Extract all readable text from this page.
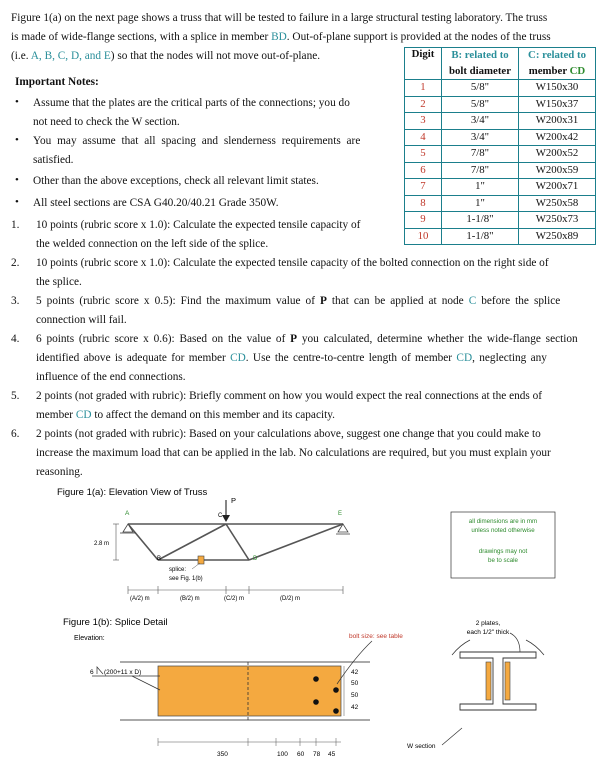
Figure 1(a) on the next page shows a truss that will be tested to failure in a large structural testing laboratory. The truss
is made of wide-flange sections, with a splice in member BD. Out-of-plane support is provided at the nodes of the truss
(i.e. A, B, C, D, and E) so that the nodes will not move out-of-plane.
Important Notes:
• Assume that the plates are the critical parts of the connections; you do
not need to check the W section.
• You may assume that all spacing and slenderness requirements are
satisfied.
• Other than the above exceptions, check all relevant limit states.
• All steel sections are CSA G40.20/40.21 Grade 350W.
Digit	B: related to	C: related to
	bolt diameter	member CD
1	5/8"	W150x30
2	5/8"	W150x37
3	3/4"	W200x31
4	3/4"	W200x42
5	7/8"	W200x52
6	7/8"	W200x59
7	1"	W200x71
8	1"	W250x58
9	1-1/8"	W250x73
10	1-1/8"	W250x89
1. 10 points (rubric score x 1.0): Calculate the expected tensile capacity of
the welded connection on the left side of the splice.
2. 10 points (rubric score x 1.0): Calculate the expected tensile capacity of the bolted connection on the right side of
the splice.
3. 5 points (rubric score x 0.5): Find the maximum value of P that can be applied at node C before the splice
connection will fail.
4. 6 points (rubric score x 0.6): Based on the value of P you calculated, determine whether the wide-flange section
identified above is adequate for member CD. Use the centre-to-centre length of member CD, neglecting any
influence of the end connections.
5. 2 points (not graded with rubric): Briefly comment on how you would expect the real connections at the ends of
member CD to affect the demand on this member and its capacity.
6. 2 points (not graded with rubric): Based on your calculations above, suggest one change that you could make to
increase the maximum load that can be applied in the lab. No calculations are required, but you must explain your
reasoning.
Figure 1(a): Elevation View of Truss
P
A
B
C
D
E
2.8 m
splice:
see Fig. 1(b)
(A/2) m	(B/2) m	(C/2) m	(D/2) m
all dimensions are in mm
unless noted otherwise
drawings may not
be to scale
Figure 1(b): Splice Detail
Elevation:
6 (200+11 x D)	42
50
50
42
bolt size: see table
350	100 60 78 45
2 plates,
each 1/2" thick
W section
